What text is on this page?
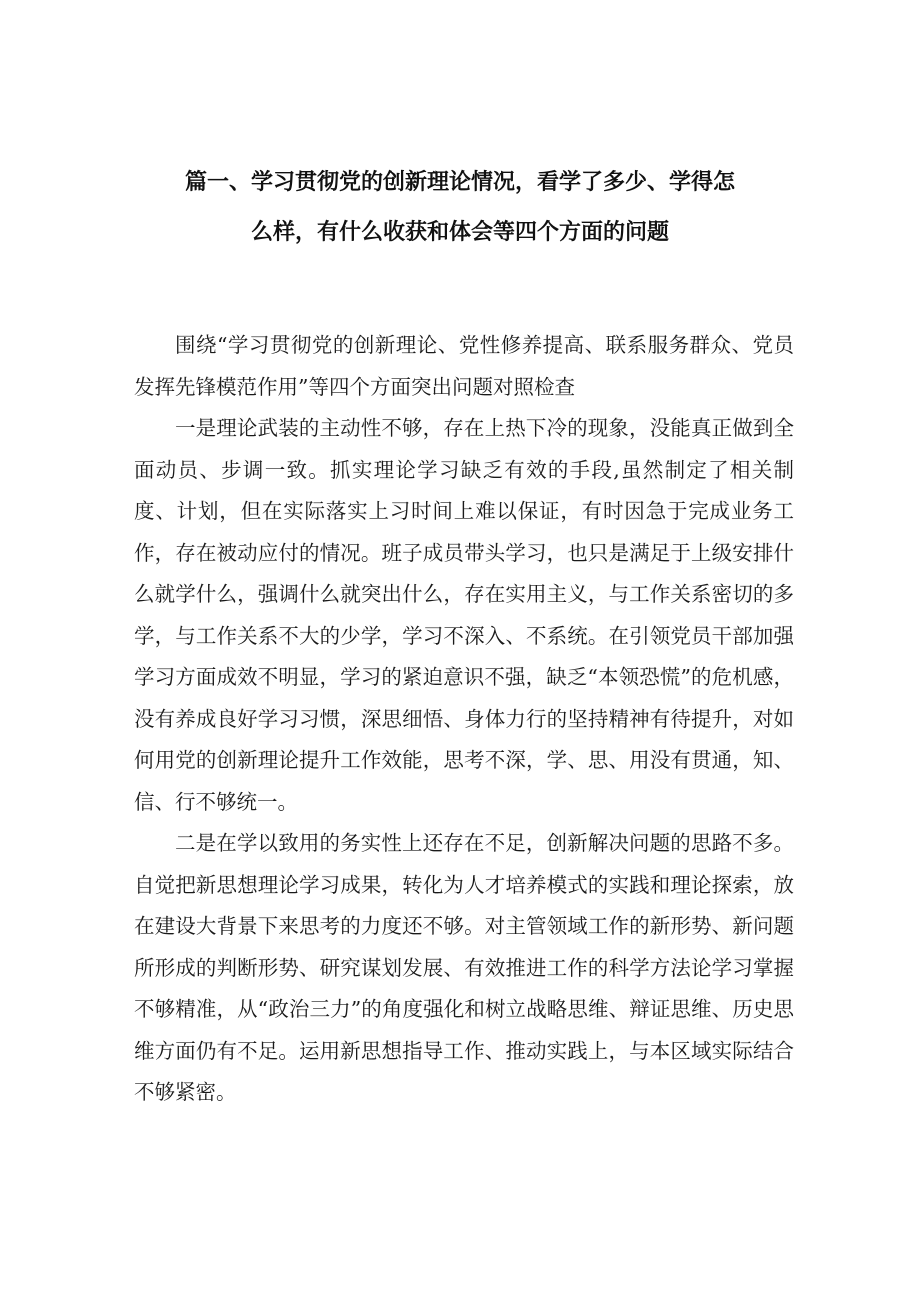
篇一、学习贯彻党的创新理论情况，看学了多少、学得怎
么样，有什么收获和体会等四个方面的问题

围绕“学习贯彻党的创新理论、党性修养提高、联系服务群众、党员发挥先锋模范作用”等四个方面突出问题对照检查

一是理论武装的主动性不够，存在上热下冷的现象，没能真正做到全面动员、步调一致。抓实理论学习缺乏有效的手段,虽然制定了相关制度、计划，但在实际落实上习时间上难以保证，有时因急于完成业务工作，存在被动应付的情况。班子成员带头学习，也只是满足于上级安排什么就学什么，强调什么就突出什么，存在实用主义，与工作关系密切的多学，与工作关系不大的少学，学习不深入、不系统。在引领党员干部加强学习方面成效不明显，学习的紧迫意识不强，缺乏“本领恐慌”的危机感，没有养成良好学习习惯，深思细悟、身体力行的坚持精神有待提升，对如何用党的创新理论提升工作效能，思考不深，学、思、用没有贯通，知、信、行不够统一。

二是在学以致用的务实性上还存在不足，创新解决问题的思路不多。自觉把新思想理论学习成果，转化为人才培养模式的实践和理论探索，放在建设大背景下来思考的力度还不够。对主管领域工作的新形势、新问题所形成的判断形势、研究谋划发展、有效推进工作的科学方法论学习掌握不够精准，从“政治三力”的角度强化和树立战略思维、辩证思维、历史思维方面仍有不足。运用新思想指导工作、推动实践上，与本区域实际结合不够紧密。
